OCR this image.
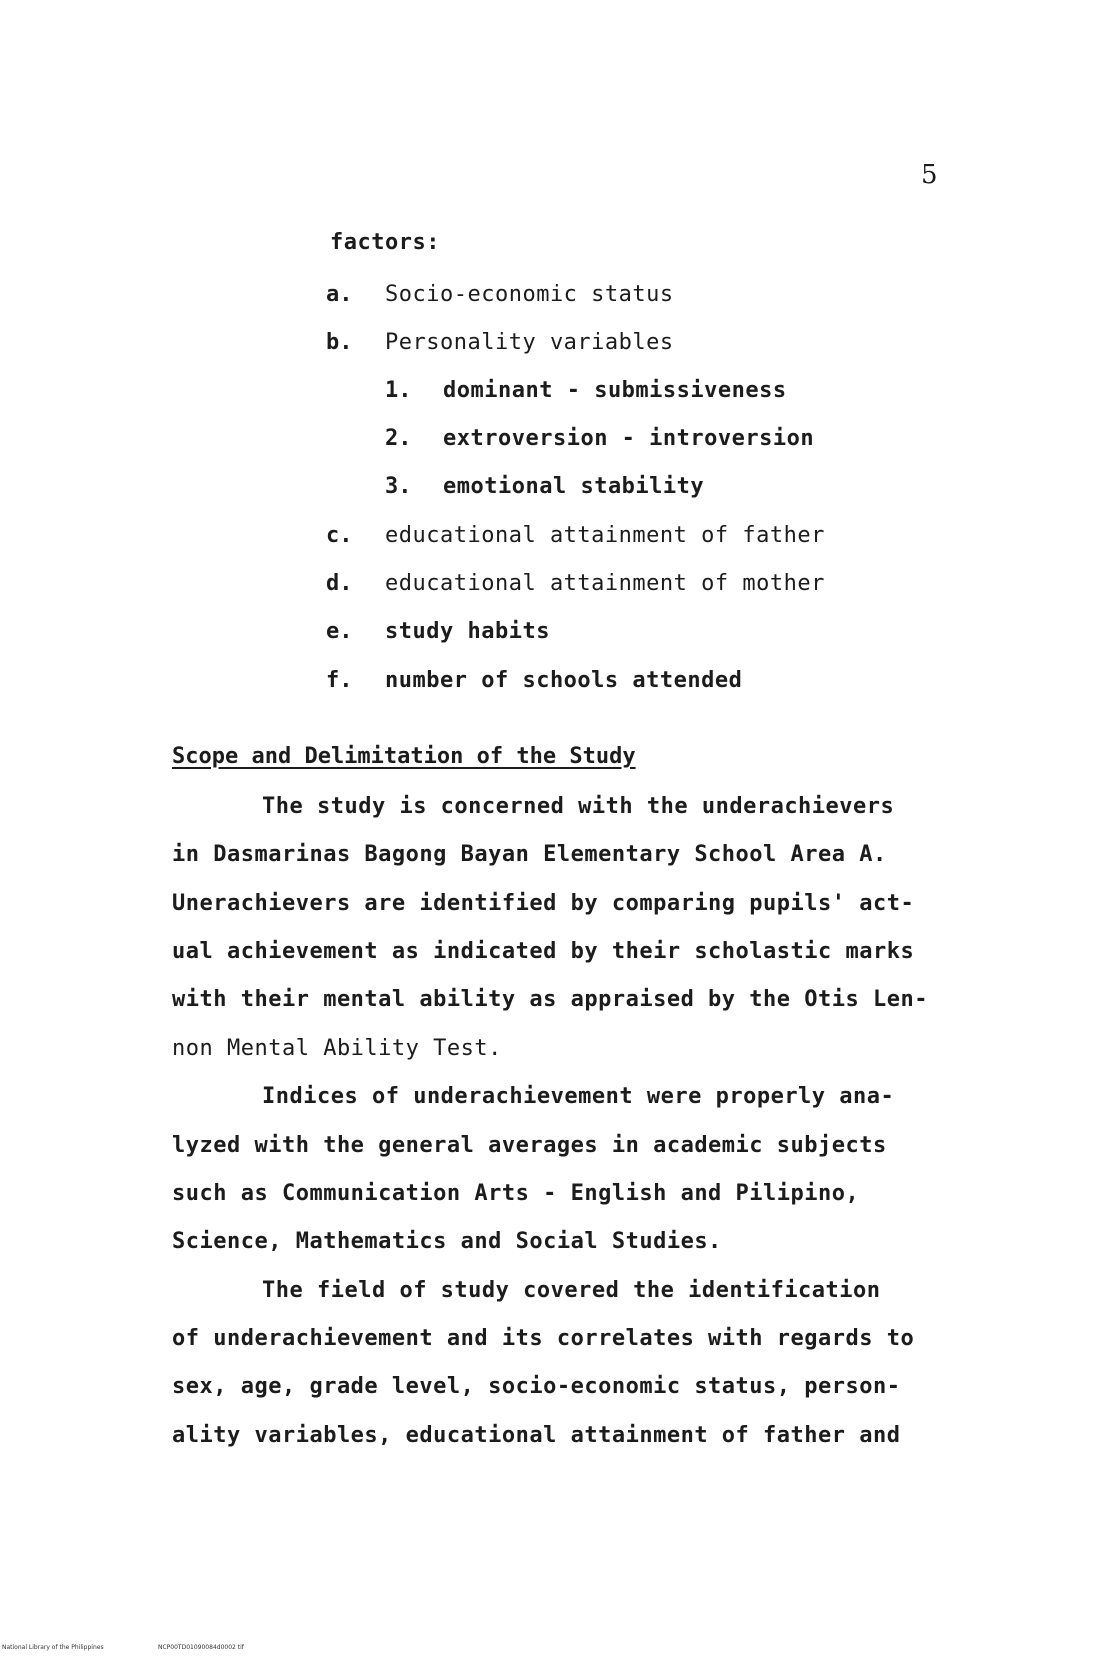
5
factors:
a. Socio-economic status
b. Personality variables
1. dominant - submissiveness
2. extroversion - introversion
3. emotional stability
c. educational attainment of father
d. educational attainment of mother
e. study habits
f. number of schools attended
Scope and Delimitation of the Study
The study is concerned with the underachievers
in Dasmarinas Bagong Bayan Elementary School Area A.
Unerachievers are identified by comparing pupils' act-
ual achievement as indicated by their scholastic marks
with their mental ability as appraised by the Otis Len-
non Mental Ability Test.
Indices of underachievement were properly ana-
lyzed with the general averages in academic subjects
such as Communication Arts - English and Pilipino,
Science, Mathematics and Social Studies.
The field of study covered the identification
of underachievement and its correlates with regards to
sex, age, grade level, socio-economic status, person-
ality variables, educational attainment of father and
National Library of the Philippines	NCP00TD01090084d0002 tif
